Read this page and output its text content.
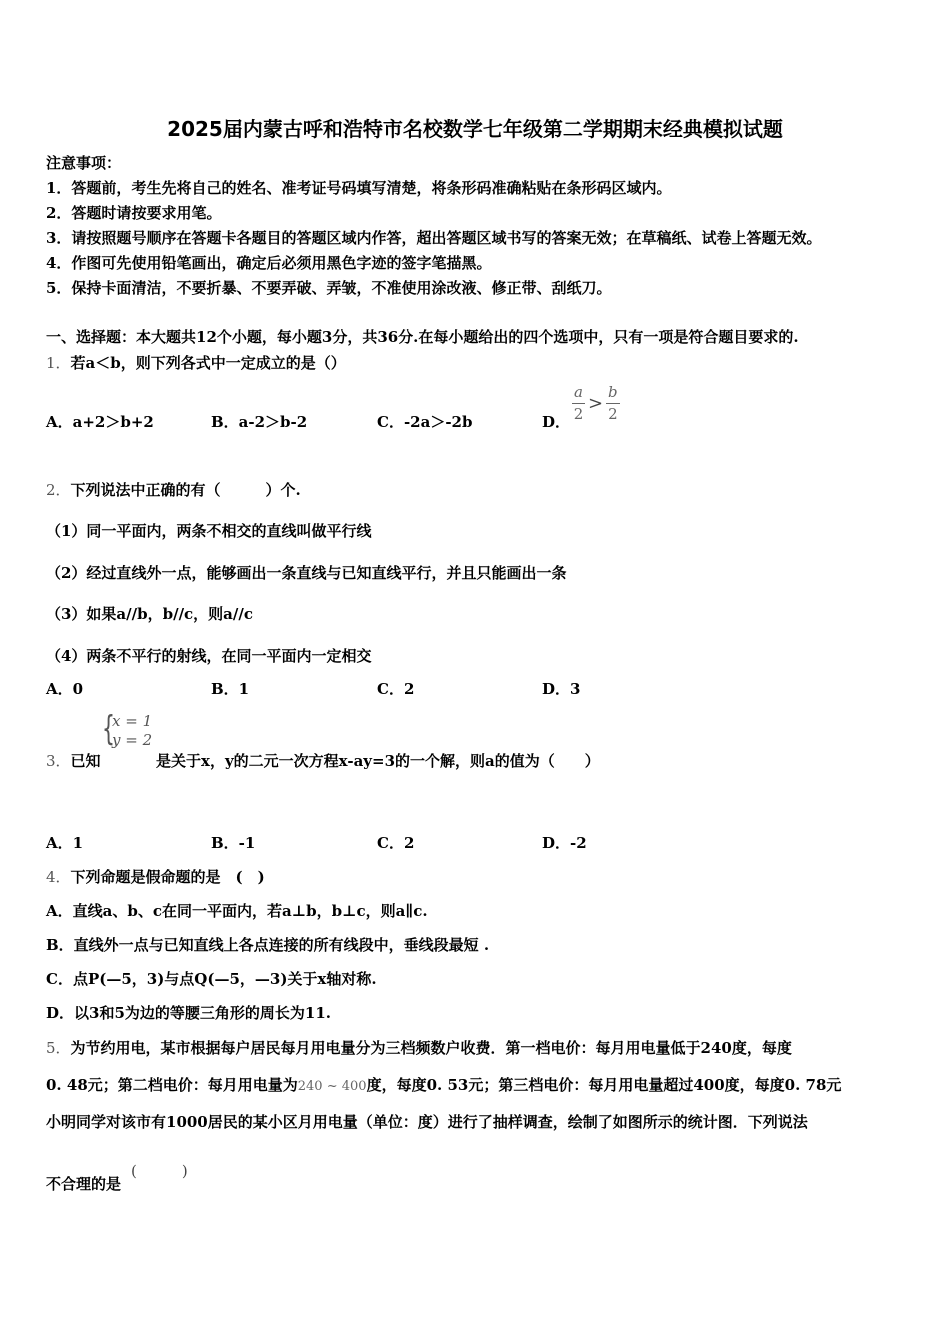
2025届内蒙古呼和浩特市名校数学七年级第二学期期末经典模拟试题
注意事项：
1．答题前，考生先将自己的姓名、准考证号码填写清楚，将条形码准确粘贴在条形码区域内。
2．答题时请按要求用笔。
3．请按照题号顺序在答题卡各题目的答题区域内作答，超出答题区域书写的答案无效；在草稿纸、试卷上答题无效。
4．作图可先使用铅笔画出，确定后必须用黑色字迹的签字笔描黑。
5．保持卡面清洁，不要折暴、不要弄破、弄皱，不准使用涂改液、修正带、刮纸刀。
一、选择题：本大题共12个小题，每小题3分，共36分.在每小题给出的四个选项中，只有一项是符合题目要求的.
1．若a＜b，则下列各式中一定成立的是（）
A．a+2＞b+2	B．a-2＞b-2	C．-2a＞-2b	D． $\frac{a}{2} > \frac{b}{2}$
2．下列说法中正确的有（　　　）个.
（1）同一平面内，两条不相交的直线叫做平行线
（2）经过直线外一点，能够画出一条直线与已知直线平行，并且只能画出一条
（3）如果a//b，b//c，则a//c
（4）两条不平行的射线，在同一平面内一定相交
A．0	B．1	C．2	D．3
{
x = 1
y = 2
3．已知	是关于x，y的二元一次方程x-ay=3的一个解，则a的值为（　　）
A．1	B．-1	C．2	D．-2
4．下列命题是假命题的是　(　)
A．直线a、b、c在同一平面内，若a⊥b，b⊥c，则a∥c.
B．直线外一点与已知直线上各点连接的所有线段中，垂线段最短 .
C．点P(—5，3)与点Q(—5，—3)关于x轴对称.
D．以3和5为边的等腰三角形的周长为11.
5．为节约用电，某市根据每户居民每月用电量分为三档频数户收费．第一档电价：每月用电量低于240度，每度
0. 48元；第二档电价：每月用电量为240 ~ 400度，每度0. 53元；第三档电价：每月用电量超过400度，每度0. 78元
小明同学对该市有1000居民的某小区月用电量（单位：度）进行了抽样调查，绘制了如图所示的统计图．下列说法
不合理的是
(　　　)
